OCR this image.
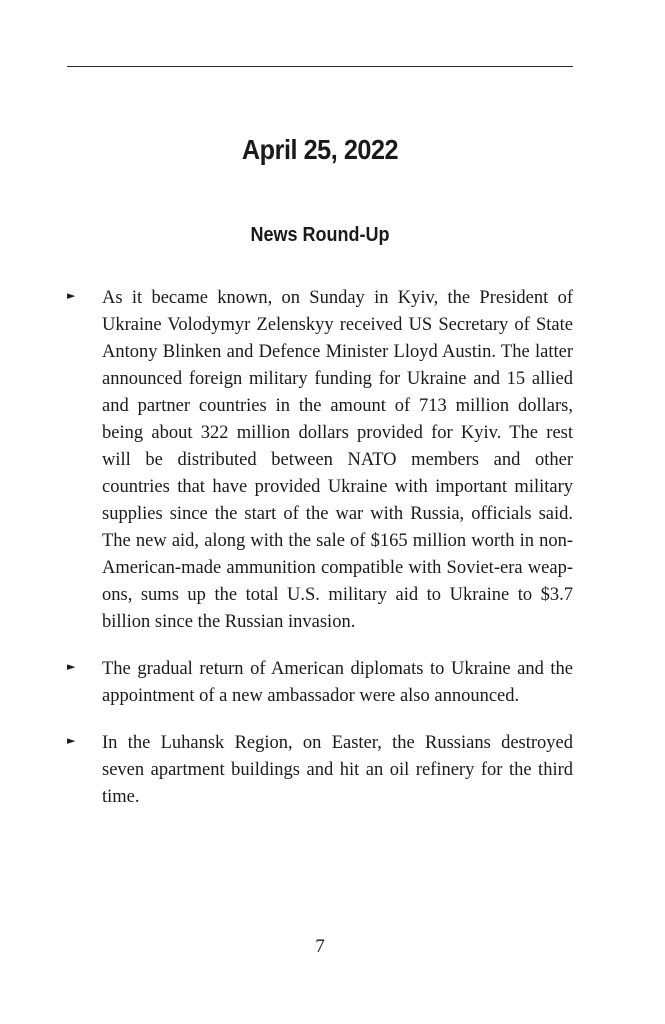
April 25, 2022
News Round-Up
► As it became known, on Sunday in Kyiv, the President of Ukraine Volodymyr Zelenskyy received US Secretary of State Antony Blinken and Defence Minister Lloyd Austin. The latter announced foreign military funding for Ukraine and 15 allied and partner countries in the amount of 713 million dollars, being about 322 million dollars provided for Kyiv. The rest will be distributed between NATO members and other countries that have provided Ukraine with important military supplies since the start of the war with Russia, officials said. The new aid, along with the sale of $165 million worth in non-American-made ammunition compatible with Soviet-era weapons, sums up the total U.S. military aid to Ukraine to $3.7 billion since the Russian invasion.
► The gradual return of American diplomats to Ukraine and the appointment of a new ambassador were also announced.
► In the Luhansk Region, on Easter, the Russians destroyed seven apartment buildings and hit an oil refinery for the third time.
7
